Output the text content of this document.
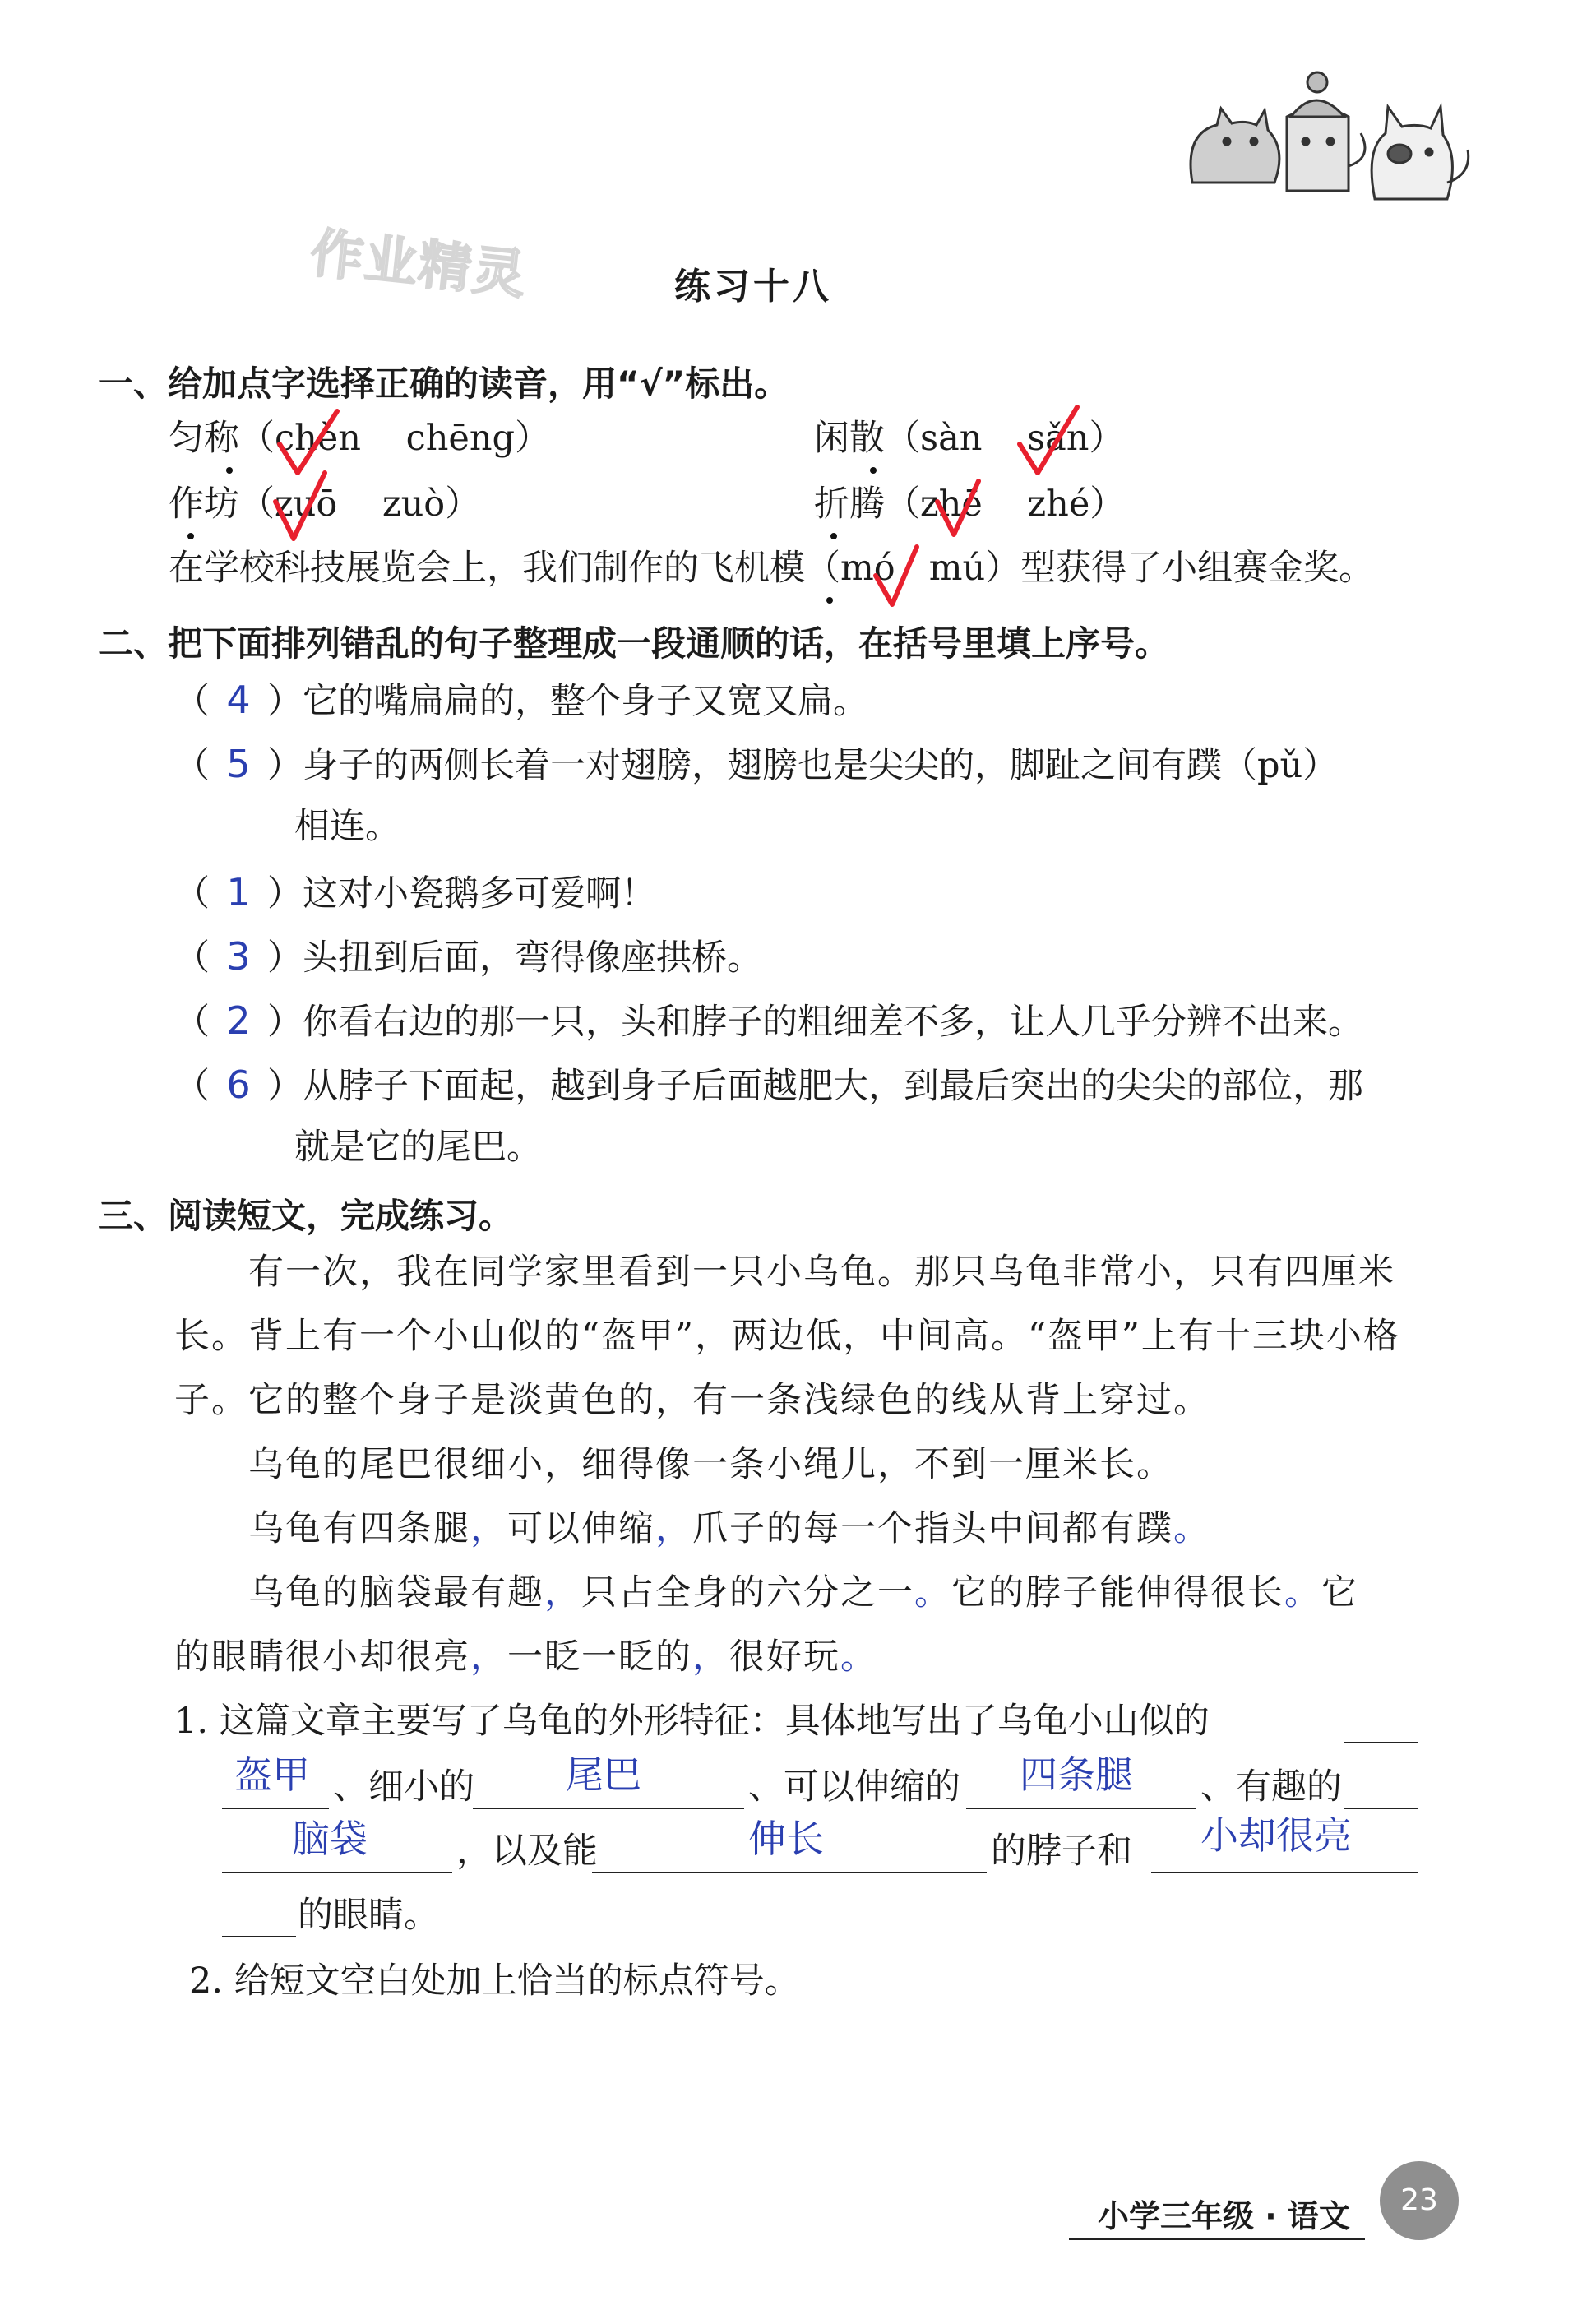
作业精灵	练习十八
一、给加点字选择正确的读音，用“√”标出。
匀称（chèn chēng）	闲散（sàn sǎn）
作坊（zuō zuò）	折腾（zhē zhé）
在学校科技展览会上，我们制作的飞机模（mó mú）型获得了小组赛金奖。
二、把下面排列错乱的句子整理成一段通顺的话，在括号里填上序号。
（ 4 ）它的嘴扁扁的，整个身子又宽又扁。
（ 5 ）身子的两侧长着一对翅膀，翅膀也是尖尖的，脚趾之间有蹼（pǔ）
相连。
（ 1 ）这对小瓷鹅多可爱啊！
（ 3 ）头扭到后面，弯得像座拱桥。
（ 2 ）你看右边的那一只，头和脖子的粗细差不多，让人几乎分辨不出来。
（ 6 ）从脖子下面起，越到身子后面越肥大，到最后突出的尖尖的部位，那
就是它的尾巴。
三、阅读短文，完成练习。
有一次，我在同学家里看到一只小乌龟。那只乌龟非常小，只有四厘米
长。背上有一个小山似的“盔甲”，两边低，中间高。“盔甲”上有十三块小格
子。它的整个身子是淡黄色的，有一条浅绿色的线从背上穿过。
乌龟的尾巴很细小，细得像一条小绳儿，不到一厘米长。
乌龟有四条腿，可以伸缩，爪子的每一个指头中间都有蹼。
乌龟的脑袋最有趣，只占全身的六分之一。它的脖子能伸得很长。它
的眼睛很小却很亮，一眨一眨的，很好玩。
1. 这篇文章主要写了乌龟的外形特征：具体地写出了乌龟小山似的
盔甲 、细小的 尾巴	、可以伸缩的 四条腿 、有趣的
脑袋	，以及能	伸长	的脖子和 小却很亮
的眼睛。
2. 给短文空白处加上恰当的标点符号。
小学三年级 · 语文	23
